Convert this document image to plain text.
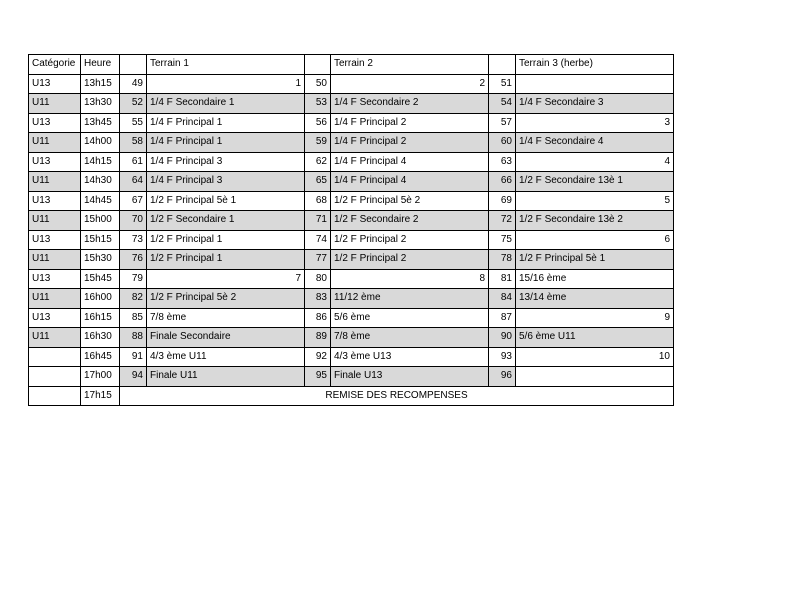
Catégorie	Heure		Terrain 1		Terrain 2		Terrain 3 (herbe)
U13	13h15	49	1	50	2	51	
U11	13h30	52	1/4 F Secondaire 1	53	1/4 F Secondaire 2	54	1/4 F Secondaire 3
U13	13h45	55	1/4 F Principal 1	56	1/4 F Principal 2	57	3
U11	14h00	58	1/4 F Principal 1	59	1/4 F Principal 2	60	1/4 F Secondaire 4
U13	14h15	61	1/4 F Principal 3	62	1/4 F Principal 4	63	4
U11	14h30	64	1/4 F Principal 3	65	1/4 F Principal 4	66	1/2 F Secondaire 13è 1
U13	14h45	67	1/2 F Principal 5è 1	68	1/2 F Principal 5è 2	69	5
U11	15h00	70	1/2 F Secondaire 1	71	1/2 F Secondaire 2	72	1/2 F Secondaire 13è 2
U13	15h15	73	1/2 F Principal 1	74	1/2 F Principal 2	75	6
U11	15h30	76	1/2 F Principal 1	77	1/2 F Principal 2	78	1/2 F Principal 5è 1
U13	15h45	79	7	80	8	81	15/16 ème
U11	16h00	82	1/2 F Principal 5è 2	83	11/12 ème	84	13/14 ème
U13	16h15	85	7/8 ème	86	5/6 ème	87	9
U11	16h30	88	Finale Secondaire	89	7/8 ème	90	5/6 ème U11
	16h45	91	4/3 ème U11	92	4/3 ème U13	93	10
	17h00	94	Finale U11	95	Finale U13	96	
	17h15	REMISE DES RECOMPENSES					
